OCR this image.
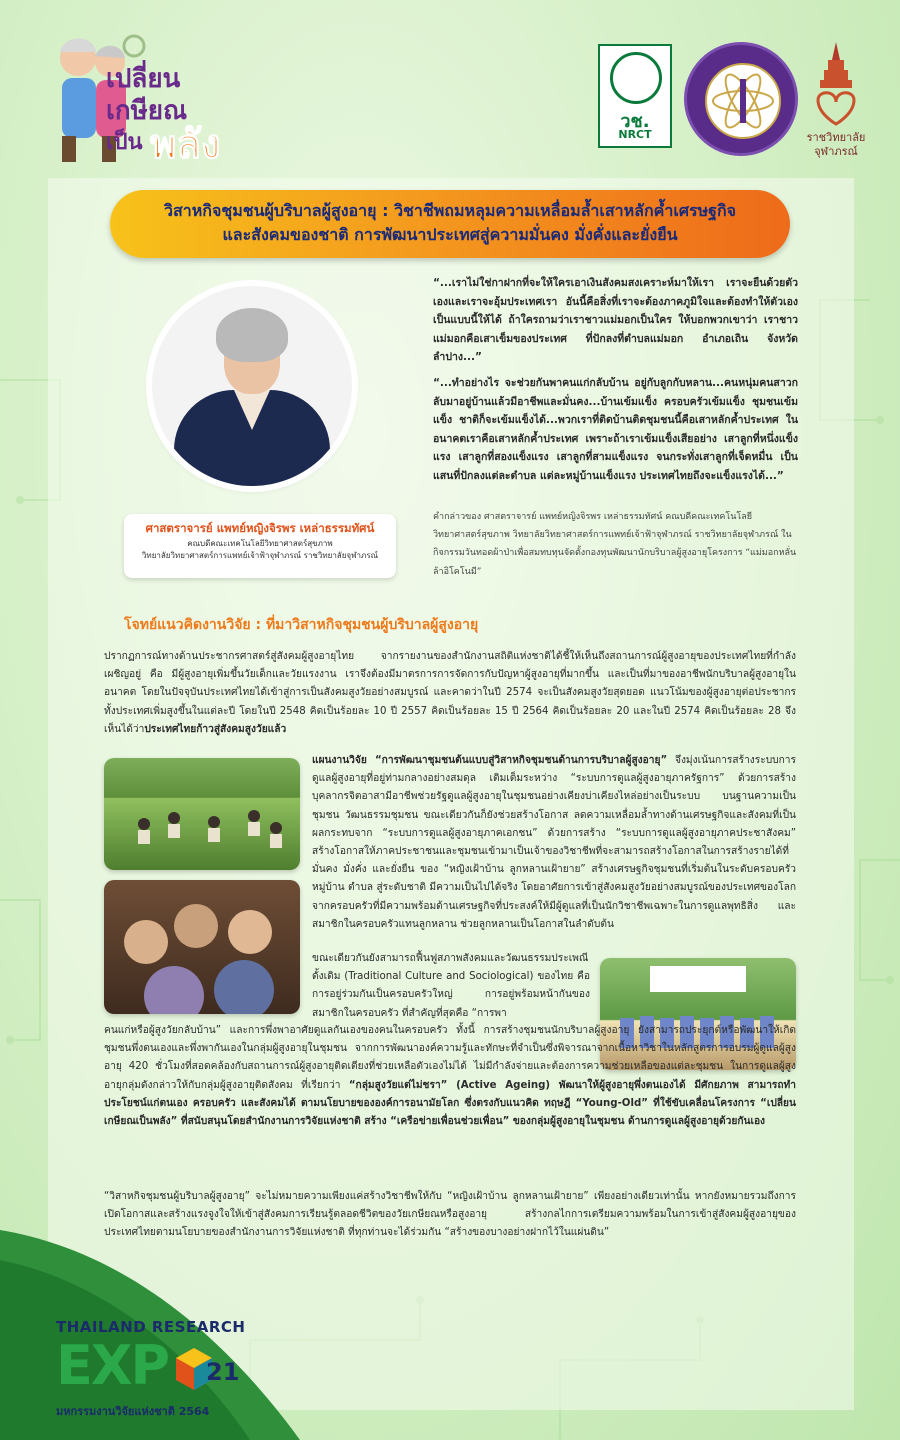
เปลี่ยน
เกษียณ
เป็น พลัง
วช.
NRCT	ราชวิทยาลัย
จุฬาภรณ์
วิสาหกิจชุมชนผู้บริบาลผู้สูงอายุ : วิชาชีพถมหลุมความเหลื่อมล้ำเสาหลักค้ำเศรษฐกิจ
และสังคมของชาติ การพัฒนาประเทศสู่ความมั่นคง มั่งคั่งและยั่งยืน
ศาสตราจารย์ แพทย์หญิงจิรพร เหล่าธรรมทัศน์
คณบดีคณะเทคโนโลยีวิทยาศาสตร์สุขภาพ
วิทยาลัยวิทยาศาสตร์การแพทย์เจ้าฟ้าจุฬาภรณ์ ราชวิทยาลัยจุฬาภรณ์
“...เราไม่ใช่กาฝากที่จะให้ใครเอาเงินสังคมสงเคราะห์มาให้เรา เราจะยืนด้วยตัวเองและเราจะอุ้มประเทศเรา อันนี้คือสิ่งที่เราจะต้องภาคภูมิใจและต้องทำให้ตัวเองเป็นแบบนี้ให้ได้ ถ้าใครถามว่าเราชาวแม่มอกเป็นใคร ให้บอกพวกเขาว่า เราชาวแม่มอกคือเสาเข็มของประเทศ ที่ปักลงที่ตำบลแม่มอก อำเภอเถิน จังหวัดลำปาง...”
“...ทำอย่างไร จะช่วยกันพาคนแก่กลับบ้าน อยู่กับลูกกับหลาน...คนหนุ่มคนสาวกลับมาอยู่บ้านแล้วมีอาชีพและมั่นคง...บ้านเข้มแข็ง ครอบครัวเข้มแข็ง ชุมชนเข้มแข็ง ชาติก็จะเข้มแข็งได้...พวกเราที่ติดบ้านติดชุมชนนี้คือเสาหลักค้ำประเทศ ในอนาคตเราคือเสาหลักค้ำประเทศ เพราะถ้าเราเข้มแข็งเสียอย่าง เสาลูกที่หนึ่งแข็งแรง เสาลูกที่สองแข็งแรง เสาลูกที่สามแข็งแรง จนกระทั่งเสาลูกที่เจ็ดหมื่น เป็นแสนที่ปักลงแต่ละตำบล แต่ละหมู่บ้านแข็งแรง ประเทศไทยถึงจะแข็งแรงได้...”
คำกล่าวของ ศาสตราจารย์ แพทย์หญิงจิรพร เหล่าธรรมทัศน์ คณบดีคณะเทคโนโลยีวิทยาศาสตร์สุขภาพ วิทยาลัยวิทยาศาสตร์การแพทย์เจ้าฟ้าจุฬาภรณ์ ราชวิทยาลัยจุฬาภรณ์ ในกิจกรรมวันทอดผ้าป่าเพื่อสมทบทุนจัดตั้งกองทุนพัฒนานักบริบาลผู้สูงอายุโครงการ “แม่มอกหลั่นล้าอิโคโนมี”
โจทย์แนวคิดงานวิจัย : ที่มาวิสาหกิจชุมชนผู้บริบาลผู้สูงอายุ
ปรากฏการณ์ทางด้านประชากรศาสตร์สู่สังคมผู้สูงอายุไทย จากรายงานของสำนักงานสถิติแห่งชาติได้ชี้ให้เห็นถึงสถานการณ์ผู้สูงอายุของประเทศไทยที่กำลังเผชิญอยู่ คือ มีผู้สูงอายุเพิ่มขึ้นวัยเด็กและวัยแรงงาน เราจึงต้องมีมาตรการการจัดการกับปัญหาผู้สูงอายุที่มากขึ้น และเป็นที่มาของอาชีพนักบริบาลผู้สูงอายุในอนาคต โดยในปัจจุบันประเทศไทยได้เข้าสู่การเป็นสังคมสูงวัยอย่างสมบูรณ์ และคาดว่าในปี 2574 จะเป็นสังคมสูงวัยสุดยอด แนวโน้มของผู้สูงอายุต่อประชากรทั้งประเทศเพิ่มสูงขึ้นในแต่ละปี โดยในปี 2548 คิดเป็นร้อยละ 10 ปี 2557 คิดเป็นร้อยละ 15 ปี 2564 คิดเป็นร้อยละ 20 และในปี 2574 คิดเป็นร้อยละ 28 จึงเห็นได้ว่าประเทศไทยก้าวสู่สังคมสูงวัยแล้ว
แผนงานวิจัย “การพัฒนาชุมชนต้นแบบสู่วิสาหกิจชุมชนด้านการบริบาลผู้สูงอายุ” จึงมุ่งเน้นการสร้างระบบการดูแลผู้สูงอายุที่อยู่ท่ามกลางอย่างสมดุล เติมเต็มระหว่าง “ระบบการดูแลผู้สูงอายุภาครัฐการ” ด้วยการสร้างบุคลากรจิตอาสามีอาชีพช่วยรัฐดูแลผู้สูงอายุในชุมชนอย่างเคียงบ่าเคียงไหล่อย่างเป็นระบบ บนฐานความเป็นชุมชน วัฒนธรรมชุมชน ขณะเดียวกันก็ยังช่วยสร้างโอกาส ลดความเหลื่อมล้ำทางด้านเศรษฐกิจและสังคมที่เป็นผลกระทบจาก “ระบบการดูแลผู้สูงอายุภาคเอกชน” ด้วยการสร้าง “ระบบการดูแลผู้สูงอายุภาคประชาสังคม” สร้างโอกาสให้ภาคประชาชนและชุมชนเข้ามาเป็นเจ้าของวิชาชีพที่จะสามารถสร้างโอกาสในการสร้างรายได้ที่มั่นคง มั่งคั่ง และยั่งยืน ของ “หญิงเฝ้าบ้าน ลูกหลานเฝ้ายาย” สร้างเศรษฐกิจชุมชนที่เริ่มต้นในระดับครอบครัว หมู่บ้าน ตำบล สู่ระดับชาติ มีความเป็นไปได้จริง โดยอาศัยการเข้าสู่สังคมสูงวัยอย่างสมบูรณ์ของประเทศของโลก จากครอบครัวที่มีความพร้อมด้านเศรษฐกิจที่ประสงค์ให้มีผู้ดูแลที่เป็นนักวิชาชีพเฉพาะในการดูแลพุทธิสิ่ง และ สมาชิกในครอบครัวแทนลูกหลาน ช่วยลูกหลานเป็นโอกาสในลำดับต้น
ขณะเดียวกันยังสามารถฟื้นฟูสภาพสังคมและวัฒนธรรมประเพณีดั้งเดิม (Traditional Culture and Sociological) ของไทย คือการอยู่ร่วมกันเป็นครอบครัวใหญ่ การอยู่พร้อมหน้ากันของสมาชิกในครอบครัว ที่สำคัญที่สุดคือ “การพา
คนแก่หรือผู้สูงวัยกลับบ้าน” และการพึ่งพาอาศัยดูแลกันเองของคนในครอบครัว ทั้งนี้ การสร้างชุมชนนักบริบาลผู้สูงอายุ ยังสามารถประยุกต์หรือพัฒนาให้เกิดชุมชนพึ่งตนเองและพึ่งพากันเองในกลุ่มผู้สูงอายุในชุมชน จากการพัฒนาองค์ความรู้และทักษะที่จำเป็นซึ่งพิจารณาจากเนื้อหาวิชาในหลักสูตรการอบรมผู้ดูแลผู้สูงอายุ 420 ชั่วโมงที่สอดคล้องกับสถานการณ์ผู้สูงอายุติดเตียงที่ช่วยเหลือตัวเองไม่ได้ ไม่มีกำลังจ่ายและต้องการความช่วยเหลือของแต่ละชุมชน ในการดูแลผู้สูงอายุกลุ่มดังกล่าวให้กับกลุ่มผู้สูงอายุติดสังคม ที่เรียกว่า “กลุ่มสูงวัยแต่ไม่ชรา” (Active Ageing) พัฒนาให้ผู้สูงอายุพึ่งตนเองได้ มีศักยภาพ สามารถทำประโยชน์แก่ตนเอง ครอบครัว และสังคมได้ ตามนโยบายขององค์การอนามัยโลก ซึ่งตรงกับแนวคิด ทฤษฎี “Young-Old” ที่ใช้ขับเคลื่อนโครงการ “เปลี่ยนเกษียณเป็นพลัง” ที่สนับสนุนโดยสำนักงานการวิจัยแห่งชาติ สร้าง “เครือข่ายเพื่อนช่วยเพื่อน” ของกลุ่มผู้สูงอายุในชุมชน ด้านการดูแลผู้สูงอายุด้วยกันเอง
“วิสาหกิจชุมชนผู้บริบาลผู้สูงอายุ” จะไม่หมายความเพียงแค่สร้างวิชาชีพให้กับ “หญิงเฝ้าบ้าน ลูกหลานเฝ้ายาย” เพียงอย่างเดียวเท่านั้น หากยังหมายรวมถึงการเปิดโอกาสและสร้างแรงจูงใจให้เข้าสู่สังคมการเรียนรู้ตลอดชีวิตของวัยเกษียณหรือสูงอายุ สร้างกลไกการเตรียมความพร้อมในการเข้าสู่สังคมผู้สูงอายุของประเทศไทยตามนโยบายของสำนักงานการวิจัยแห่งชาติ ที่ทุกท่านจะได้ร่วมกัน “สร้างของบางอย่างฝากไว้ในแผ่นดิน”
THAILAND RESEARCH
EXP 21
มหกรรมงานวิจัยแห่งชาติ 2564
